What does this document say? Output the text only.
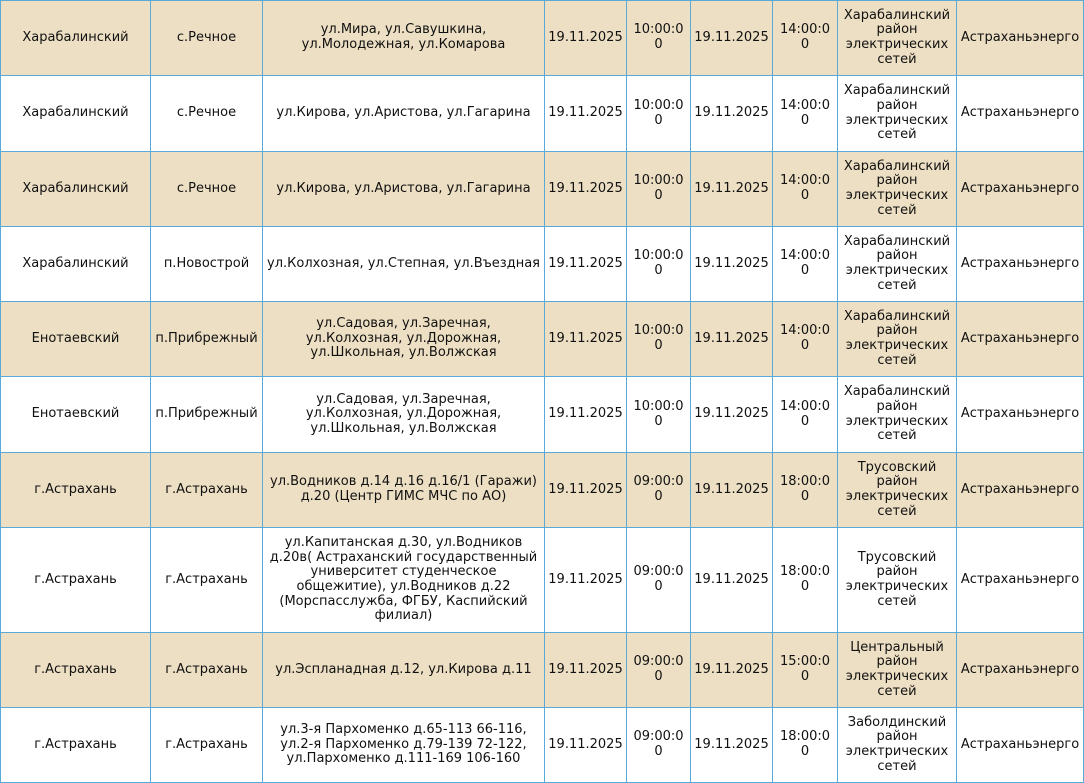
Харабалинский	с.Речное	ул.Мира, ул.Савушкина, ул.Молодежная, ул.Комарова	19.11.2025	10:00:00	19.11.2025	14:00:00	Харабалинский район электрических сетей	Астраханьэнерго
Харабалинский	с.Речное	ул.Кирова, ул.Аристова, ул.Гагарина	19.11.2025	10:00:00	19.11.2025	14:00:00	Харабалинский район электрических сетей	Астраханьэнерго
Харабалинский	с.Речное	ул.Кирова, ул.Аристова, ул.Гагарина	19.11.2025	10:00:00	19.11.2025	14:00:00	Харабалинский район электрических сетей	Астраханьэнерго
Харабалинский	п.Новострой	ул.Колхозная, ул.Степная, ул.Въездная	19.11.2025	10:00:00	19.11.2025	14:00:00	Харабалинский район электрических сетей	Астраханьэнерго
Енотаевский	п.Прибрежный	ул.Садовая, ул.Заречная, ул.Колхозная, ул.Дорожная, ул.Школьная, ул.Волжская	19.11.2025	10:00:00	19.11.2025	14:00:00	Харабалинский район электрических сетей	Астраханьэнерго
Енотаевский	п.Прибрежный	ул.Садовая, ул.Заречная, ул.Колхозная, ул.Дорожная, ул.Школьная, ул.Волжская	19.11.2025	10:00:00	19.11.2025	14:00:00	Харабалинский район электрических сетей	Астраханьэнерго
г.Астрахань	г.Астрахань	ул.Водников д.14 д.16 д.16/1 (Гаражи) д.20 (Центр ГИМС МЧС по АО)	19.11.2025	09:00:00	19.11.2025	18:00:00	Трусовский район электрических сетей	Астраханьэнерго
г.Астрахань	г.Астрахань	ул.Капитанская д.30, ул.Водников д.20в( Астраханский государственный университет студенческое общежитие), ул.Водников д.22 (Морспасслужба, ФГБУ, Каспийский филиал)	19.11.2025	09:00:00	19.11.2025	18:00:00	Трусовский район электрических сетей	Астраханьэнерго
г.Астрахань	г.Астрахань	ул.Эспланадная д.12, ул.Кирова д.11	19.11.2025	09:00:00	19.11.2025	15:00:00	Центральный район электрических сетей	Астраханьэнерго
г.Астрахань	г.Астрахань	ул.3-я Пархоменко д.65-113 66-116, ул.2-я Пархоменко д.79-139 72-122, ул.Пархоменко д.111-169 106-160	19.11.2025	09:00:00	19.11.2025	18:00:00	Заболдинский район электрических сетей	Астраханьэнерго
